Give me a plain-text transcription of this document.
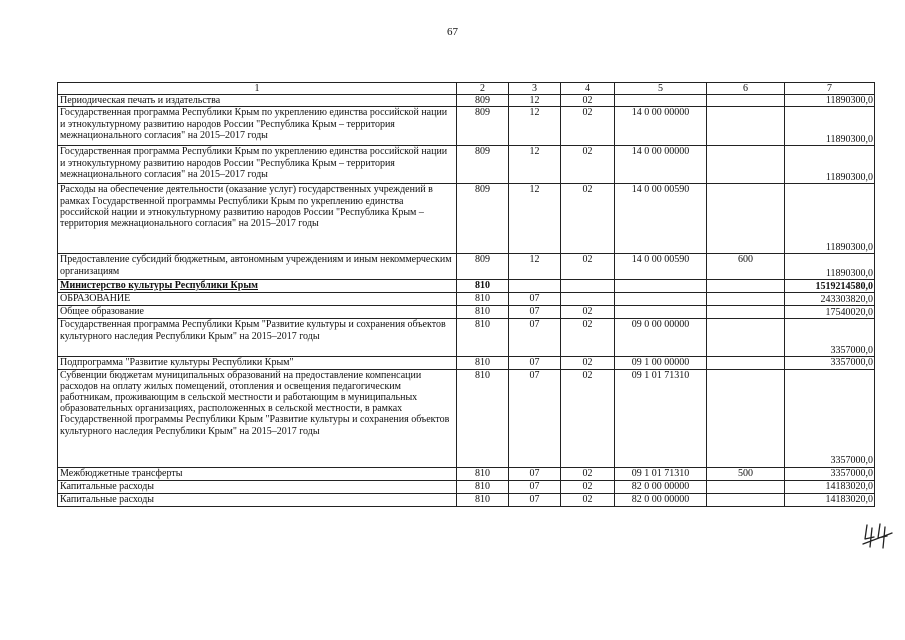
67
1	2	3	4	5	6	7
Периодическая печать и издательства	809	12	02			11890300,0
Государственная программа Республики Крым по укреплению единства российской нации и этнокультурному развитию народов России "Республика Крым – территория межнационального согласия" на 2015–2017 годы	809	12	02	14 0 00 00000		11890300,0
Государственная программа Республики Крым по укреплению единства российской нации и этнокультурному развитию народов России "Республика Крым – территория межнационального согласия" на 2015–2017 годы	809	12	02	14 0 00 00000		11890300,0
Расходы на обеспечение деятельности (оказание услуг) государственных учреждений в рамках Государственной программы Республики Крым по укреплению единства российской нации и этнокультурному развитию народов России "Республика Крым – территория межнационального согласия" на 2015–2017 годы	809	12	02	14 0 00 00590		11890300,0
Предоставление субсидий бюджетным, автономным учреждениям и иным некоммерческим организациям	809	12	02	14 0 00 00590	600	11890300,0
Министерство культуры Республики Крым	810					1519214580,0
ОБРАЗОВАНИЕ	810	07				243303820,0
Общее образование	810	07	02			17540020,0
Государственная программа Республики Крым "Развитие культуры и сохранения объектов культурного наследия Республики Крым" на 2015–2017 годы	810	07	02	09 0 00 00000		3357000,0
Подпрограмма "Развитие культуры Республики Крым"	810	07	02	09 1 00 00000		3357000,0
Субвенции бюджетам муниципальных образований на предоставление компенсации расходов на оплату жилых помещений, отопления и освещения педагогическим работникам, проживающим в сельской местности и работающим в муниципальных образовательных организациях, расположенных в сельской местности, в рамках Государственной программы Республики Крым "Развитие культуры и сохранения объектов культурного наследия Республики Крым" на 2015–2017 годы	810	07	02	09 1 01 71310		3357000,0
Межбюджетные трансферты	810	07	02	09 1 01 71310	500	3357000,0
Капитальные расходы	810	07	02	82 0 00 00000		14183020,0
Капитальные расходы	810	07	02	82 0 00 00000		14183020,0
